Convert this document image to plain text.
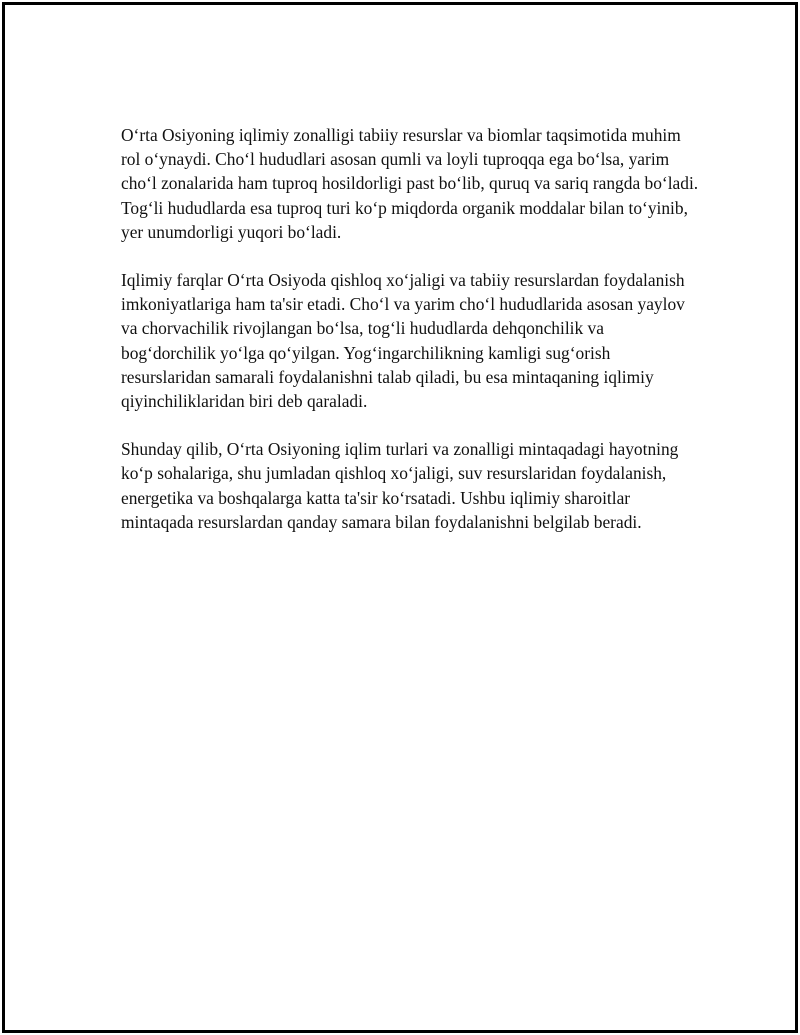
O‘rta Osiyoning iqlimiy zonalligi tabiiy resurslar va biomlar taqsimotida muhim rol o‘ynaydi. Cho‘l hududlari asosan qumli va loyli tuproqqa ega bo‘lsa, yarim cho‘l zonalarida ham tuproq hosildorligi past bo‘lib, quruq va sariq rangda bo‘ladi. Tog‘li hududlarda esa tuproq turi ko‘p miqdorda organik moddalar bilan to‘yinib, yer unumdorligi yuqori bo‘ladi.

Iqlimiy farqlar O‘rta Osiyoda qishloq xo‘jaligi va tabiiy resurslardan foydalanish imkoniyatlariga ham ta'sir etadi. Cho‘l va yarim cho‘l hududlarida asosan yaylov va chorvachilik rivojlangan bo‘lsa, tog‘li hududlarda dehqonchilik va bog‘dorchilik yo‘lga qo‘yilgan. Yog‘ingarchilikning kamligi sug‘orish resurslaridan samarali foydalanishni talab qiladi, bu esa mintaqaning iqlimiy qiyinchiliklaridan biri deb qaraladi.

Shunday qilib, O‘rta Osiyoning iqlim turlari va zonalligi mintaqadagi hayotning ko‘p sohalariga, shu jumladan qishloq xo‘jaligi, suv resurslaridan foydalanish, energetika va boshqalarga katta ta'sir ko‘rsatadi. Ushbu iqlimiy sharoitlar mintaqada resurslardan qanday samara bilan foydalanishni belgilab beradi.
